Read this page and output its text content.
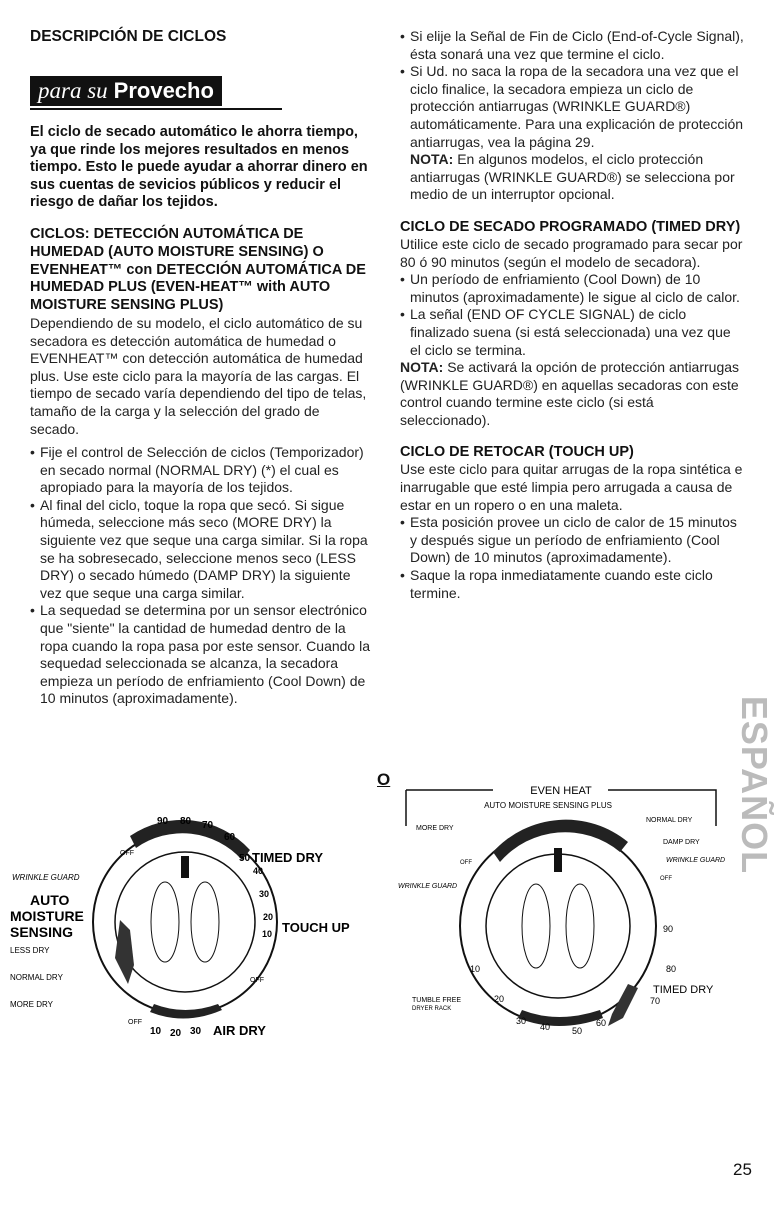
DESCRIPCIÓN DE CICLOS
para su Provecho
El ciclo de secado automático le ahorra tiempo, ya que rinde los mejores resultados en menos tiempo. Esto le puede ayudar a ahorrar dinero en sus cuentas de sevicios públicos y reducir el riesgo de dañar los tejidos.
CICLOS: DETECCIÓN AUTOMÁTICA DE HUMEDAD (AUTO MOISTURE SENSING) O EVENHEAT™ con DETECCIÓN AUTOMÁTICA DE HUMEDAD PLUS (EVEN-HEAT™ with AUTO MOISTURE SENSING PLUS)
Dependiendo de su modelo, el ciclo automático de su secadora es detección automática de humedad o EVENHEAT™ con detección automática de humedad plus. Use este ciclo para la mayoría de las cargas. El tiempo de secado varía dependiendo del tipo de telas, tamaño de la carga y la selección del grado de secado.
• Fije el control de Selección de ciclos (Temporizador) en secado normal (NORMAL DRY) (*) el cual es apropiado para la mayoría de los tejidos.
• Al final del ciclo, toque la ropa que secó. Si sigue húmeda, seleccione más seco (MORE DRY) la siguiente vez que seque una carga similar. Si la ropa se ha sobresecado, seleccione menos seco (LESS DRY) o secado húmedo (DAMP DRY) la siguiente vez que seque una carga similar.
• La sequedad se determina por un sensor electrónico que "siente" la cantidad de humedad dentro de la ropa cuando la ropa pasa por este sensor. Cuando la sequedad seleccionada se alcanza, la secadora empieza un período de enfriamiento (Cool Down) de 10 minutos (aproximadamente).
• Si elije la Señal de Fin de Ciclo (End-of-Cycle Signal), ésta sonará una vez que termine el ciclo.
• Si Ud. no saca la ropa de la secadora una vez que el ciclo finalice, la secadora empieza un ciclo de protección antiarrugas (WRINKLE GUARD®) automáticamente. Para una explicación de protección antiarrugas, vea la página 29.
NOTA: En algunos modelos, el ciclo protección antiarrugas (WRINKLE GUARD®) se selecciona por medio de un interruptor opcional.
CICLO DE SECADO PROGRAMADO (TIMED DRY)
Utilice este ciclo de secado programado para secar por 80 ó 90 minutos (según el modelo de secadora).
• Un período de enfriamiento (Cool Down) de 10 minutos (aproximadamente) le sigue al ciclo de calor.
• La señal (END OF CYCLE SIGNAL) de ciclo finalizado suena (si está seleccionada) una vez que el ciclo se termina.
NOTA: Se activará la opción de protección antiarrugas (WRINKLE GUARD®) en aquellas secadoras con este control cuando termine este ciclo (si está seleccionado).
CICLO DE RETOCAR (TOUCH UP)
Use este ciclo para quitar arrugas de la ropa sintética e inarrugable que esté limpia pero arrugada a causa de estar en un ropero o en una maleta.
• Esta posición provee un ciclo de calor de 15 minutos y después sigue un período de enfriamiento (Cool Down) de 10 minutos (aproximadamente).
• Saque la ropa inmediatamente cuando este ciclo termine.
O
90 80 70
60
50 TIMED DRY
40
30
20
10 TOUCH UP
WRINKLE GUARD
OFF
AUTO
MOISTURE
SENSING
LESS DRY
NORMAL DRY
MORE DRY
OFF
OFF
10 20 30 AIR DRY
EVEN HEAT
AUTO MOISTURE SENSING PLUS
NORMAL DRY
MORE DRY
DAMP DRY
WRINKLE GUARD
WRINKLE GUARD
OFF
OFF
90
80
TIMED DRY
70
60
50
40
30
20
10
TUMBLE FREE
DRYER RACK
ESPAÑOL
25
